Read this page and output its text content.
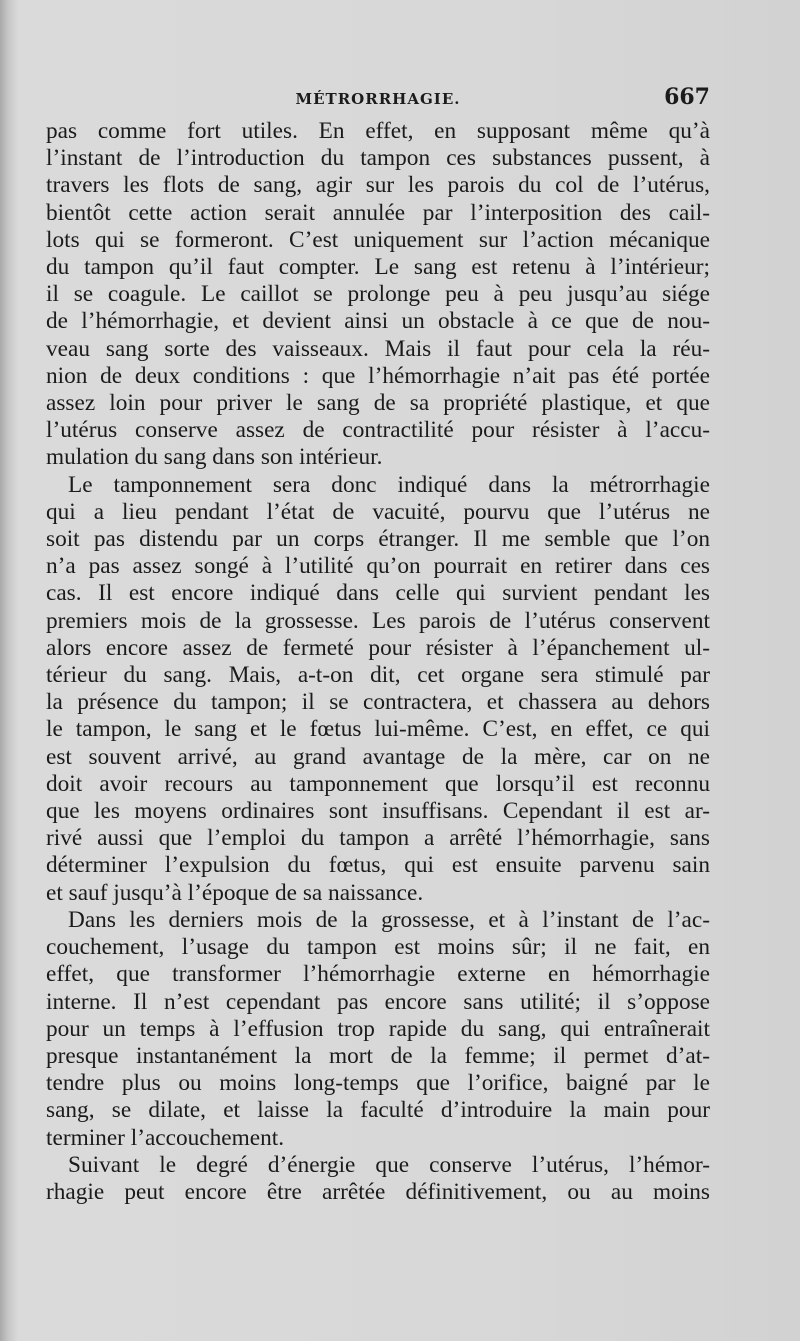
MÉTRORRHAGIE.	667
pas comme fort utiles. En effet, en supposant même qu’à
l’instant de l’introduction du tampon ces substances pussent, à
travers les flots de sang, agir sur les parois du col de l’utérus,
bientôt cette action serait annulée par l’interposition des cail-
lots qui se formeront. C’est uniquement sur l’action mécanique
du tampon qu’il faut compter. Le sang est retenu à l’intérieur;
il se coagule. Le caillot se prolonge peu à peu jusqu’au siége
de l’hémorrhagie, et devient ainsi un obstacle à ce que de nou-
veau sang sorte des vaisseaux. Mais il faut pour cela la réu-
nion de deux conditions : que l’hémorrhagie n’ait pas été portée
assez loin pour priver le sang de sa propriété plastique, et que
l’utérus conserve assez de contractilité pour résister à l’accu-
mulation du sang dans son intérieur.
Le tamponnement sera donc indiqué dans la métrorrhagie
qui a lieu pendant l’état de vacuité, pourvu que l’utérus ne
soit pas distendu par un corps étranger. Il me semble que l’on
n’a pas assez songé à l’utilité qu’on pourrait en retirer dans ces
cas. Il est encore indiqué dans celle qui survient pendant les
premiers mois de la grossesse. Les parois de l’utérus conservent
alors encore assez de fermeté pour résister à l’épanchement ul-
térieur du sang. Mais, a-t-on dit, cet organe sera stimulé par
la présence du tampon; il se contractera, et chassera au dehors
le tampon, le sang et le fœtus lui-même. C’est, en effet, ce qui
est souvent arrivé, au grand avantage de la mère, car on ne
doit avoir recours au tamponnement que lorsqu’il est reconnu
que les moyens ordinaires sont insuffisans. Cependant il est ar-
rivé aussi que l’emploi du tampon a arrêté l’hémorrhagie, sans
déterminer l’expulsion du fœtus, qui est ensuite parvenu sain
et sauf jusqu’à l’époque de sa naissance.
Dans les derniers mois de la grossesse, et à l’instant de l’ac-
couchement, l’usage du tampon est moins sûr; il ne fait, en
effet, que transformer l’hémorrhagie externe en hémorrhagie
interne. Il n’est cependant pas encore sans utilité; il s’oppose
pour un temps à l’effusion trop rapide du sang, qui entraînerait
presque instantanément la mort de la femme; il permet d’at-
tendre plus ou moins long-temps que l’orifice, baigné par le
sang, se dilate, et laisse la faculté d’introduire la main pour
terminer l’accouchement.
Suivant le degré d’énergie que conserve l’utérus, l’hémor-
rhagie peut encore être arrêtée définitivement, ou au moins
